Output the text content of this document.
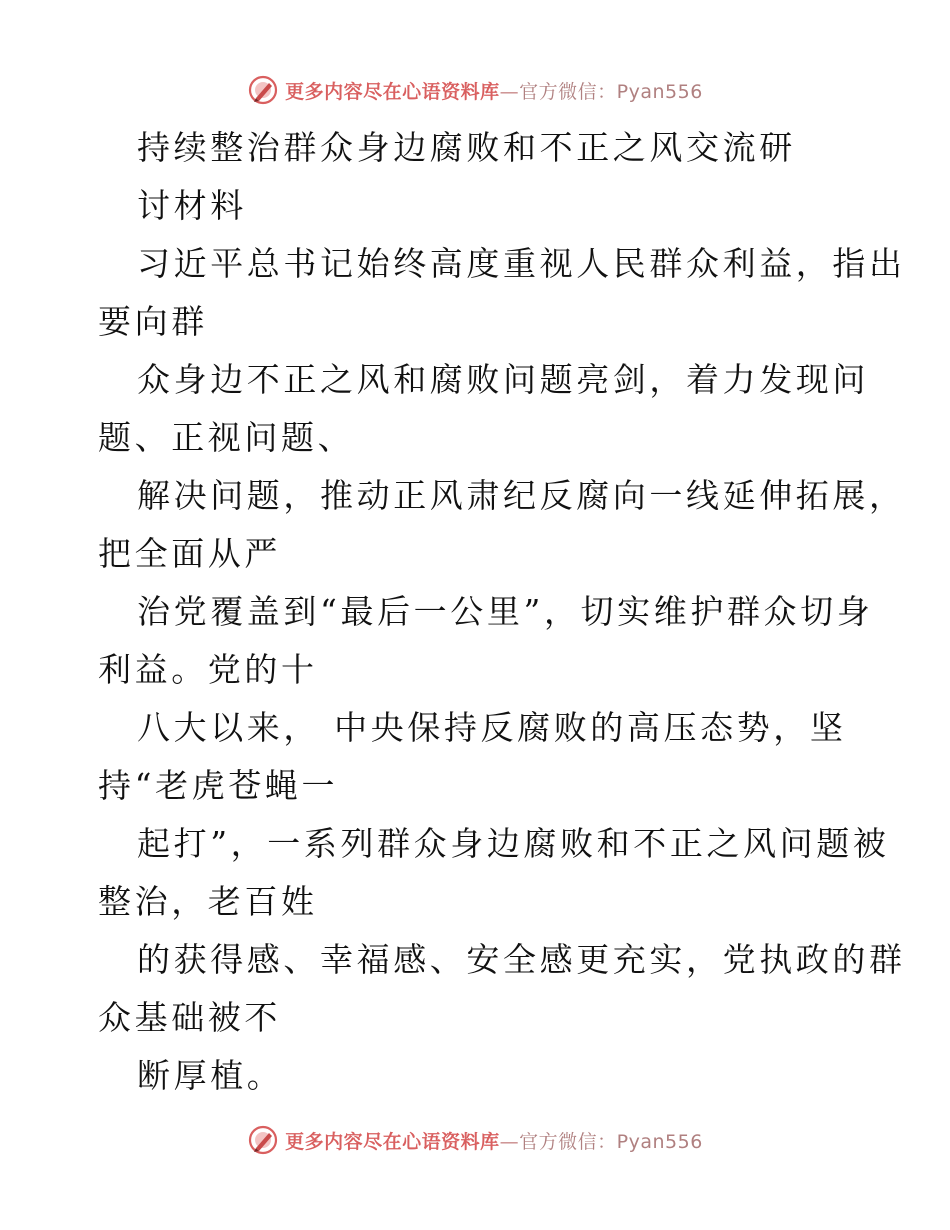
更多内容尽在心语资料库—官方微信：Pyan556
持续整治群众身边腐败和不正之风交流研
讨材料
习近平总书记始终高度重视人民群众利益，指出
要向群
众身边不正之风和腐败问题亮剑，着力发现问
题、正视问题、
解决问题，推动正风肃纪反腐向一线延伸拓展，
把全面从严
治党覆盖到“最后一公里”，切实维护群众切身
利益。党的十
八大以来， 中央保持反腐败的高压态势，坚
持“老虎苍蝇一
起打”，一系列群众身边腐败和不正之风问题被
整治，老百姓
的获得感、幸福感、安全感更充实，党执政的群
众基础被不
断厚植。
更多内容尽在心语资料库—官方微信：Pyan556
